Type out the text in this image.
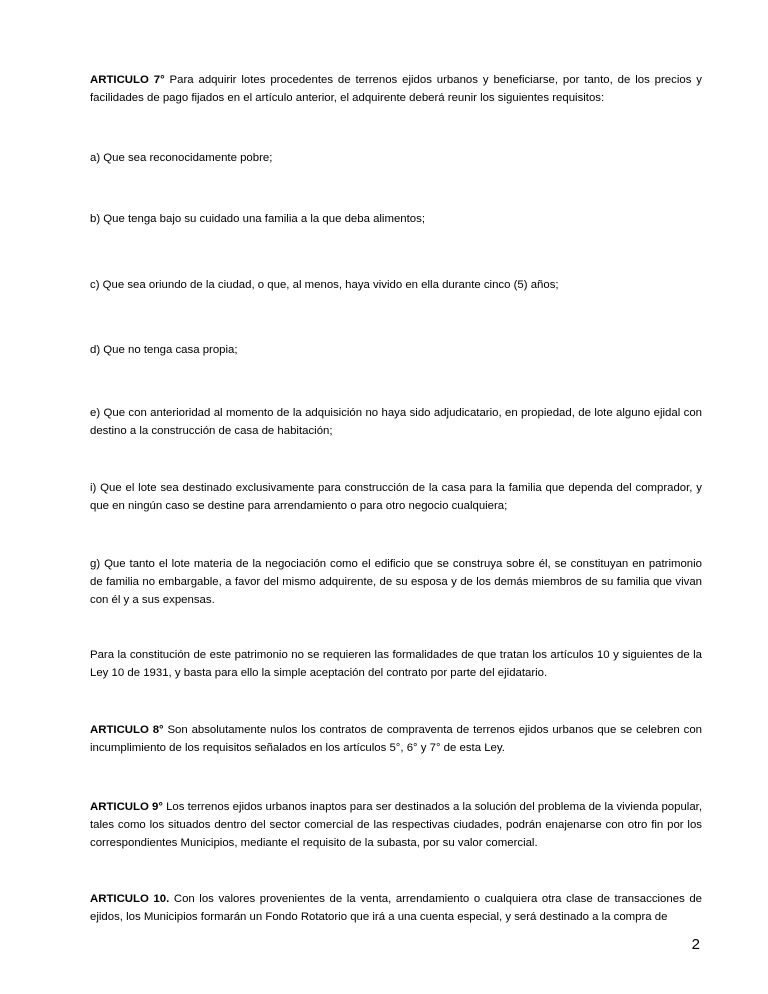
ARTICULO 7° Para adquirir lotes procedentes de terrenos ejidos urbanos y beneficiarse, por tanto, de los precios y facilidades de pago fijados en el artículo anterior, el adquirente deberá reunir los siguientes requisitos:

a) Que sea reconocidamente pobre;

b) Que tenga bajo su cuidado una familia a la que deba alimentos;

c) Que sea oriundo de la ciudad, o que, al menos, haya vivido en ella durante cinco (5) años;

d) Que no tenga casa propia;

e) Que con anterioridad al momento de la adquisición no haya sido adjudicatario, en propiedad, de lote alguno ejidal con destino a la construcción de casa de habitación;

i) Que el lote sea destinado exclusivamente para construcción de la casa para la familia que dependa del comprador, y que en ningún caso se destine para arrendamiento o para otro negocio cualquiera;

g) Que tanto el lote materia de la negociación como el edificio que se construya sobre él, se constituyan en patrimonio de familia no embargable, a favor del mismo adquirente, de su esposa y de los demás miembros de su familia que vivan con él y a sus expensas.

Para la constitución de este patrimonio no se requieren las formalidades de que tratan los artículos 10 y siguientes de la Ley 10 de 1931, y basta para ello la simple aceptación del contrato por parte del ejidatario.

ARTICULO 8° Son absolutamente nulos los contratos de compraventa de terrenos ejidos urbanos que se celebren con incumplimiento de los requisitos señalados en los artículos 5°, 6° y 7° de esta Ley.

ARTICULO 9° Los terrenos ejidos urbanos inaptos para ser destinados a la solución del problema de la vivienda popular, tales como los situados dentro del sector comercial de las respectivas ciudades, podrán enajenarse con otro fin por los correspondientes Municipios, mediante el requisito de la subasta, por su valor comercial.

ARTICULO 10. Con los valores provenientes de la venta, arrendamiento o cualquiera otra clase de transacciones de ejidos, los Municipios formarán un Fondo Rotatorio que irá a una cuenta especial, y será destinado a la compra de

2
